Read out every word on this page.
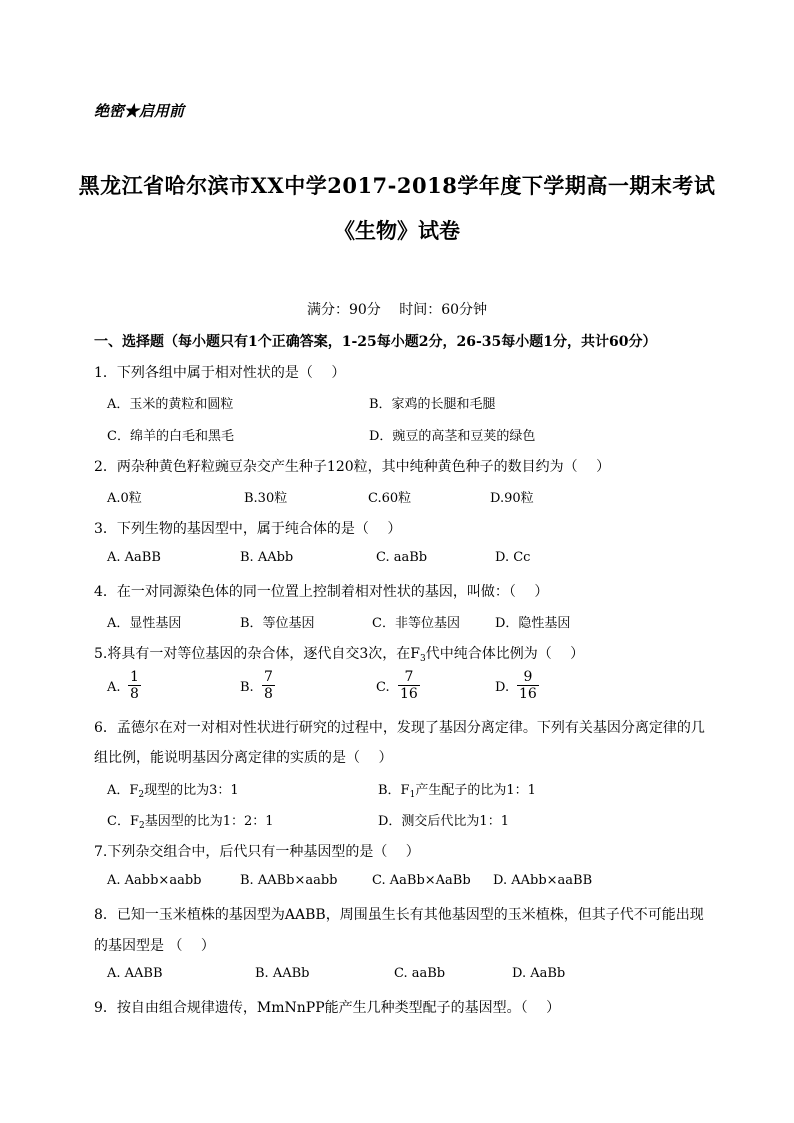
绝密★启用前
黑龙江省哈尔滨市XX中学2017-2018学年度下学期高一期末考试
《生物》试卷
满分：90分　 时间：60分钟
一、选择题（每小题只有1个正确答案，1-25每小题2分，26-35每小题1分，共计60分）
1．下列各组中属于相对性状的是（　 ）
A．玉米的黄粒和圆粒	B．家鸡的长腿和毛腿
C．绵羊的白毛和黑毛	D．豌豆的高茎和豆荚的绿色
2．两杂种黄色籽粒豌豆杂交产生种子120粒，其中纯种黄色种子的数目约为（　 ）
A.0粒	B.30粒	C.60粒	D.90粒
3．下列生物的基因型中，属于纯合体的是（　 ）
A. AaBB	B. AAbb	C. aaBb	D. Cc
4．在一对同源染色体的同一位置上控制着相对性状的基因，叫做：（　 ）
A．显性基因	B．等位基因	C．非等位基因	D．隐性基因
5.将具有一对等位基因的杂合体，逐代自交3次，在$F_3$代中纯合体比例为（　 ）
A.
1
8	B.
7
8	C.
7
16	D.
9
16
6．孟德尔在对一对相对性状进行研究的过程中，发现了基因分离定律。下列有关基因分离定律的几
组比例，能说明基因分离定律的实质的是（　 ）
A．$F_2$现型的比为3：1	B．$F_1$产生配子的比为1：1
C．$F_2$基因型的比为1：2：1	D．测交后代比为1：1
7.下列杂交组合中，后代只有一种基因型的是（　 ）
A. Aabb×aabb	B. AABb×aabb	C. AaBb×AaBb D. AAbb×aaBB
8．已知一玉米植株的基因型为AABB，周围虽生长有其他基因型的玉米植株，但其子代不可能出现
的基因型是 （　 ）
A. AABB	B. AABb	C. aaBb	D. AaBb
9．按自由组合规律遗传，MmNnPP能产生几种类型配子的基因型。（　 ）
